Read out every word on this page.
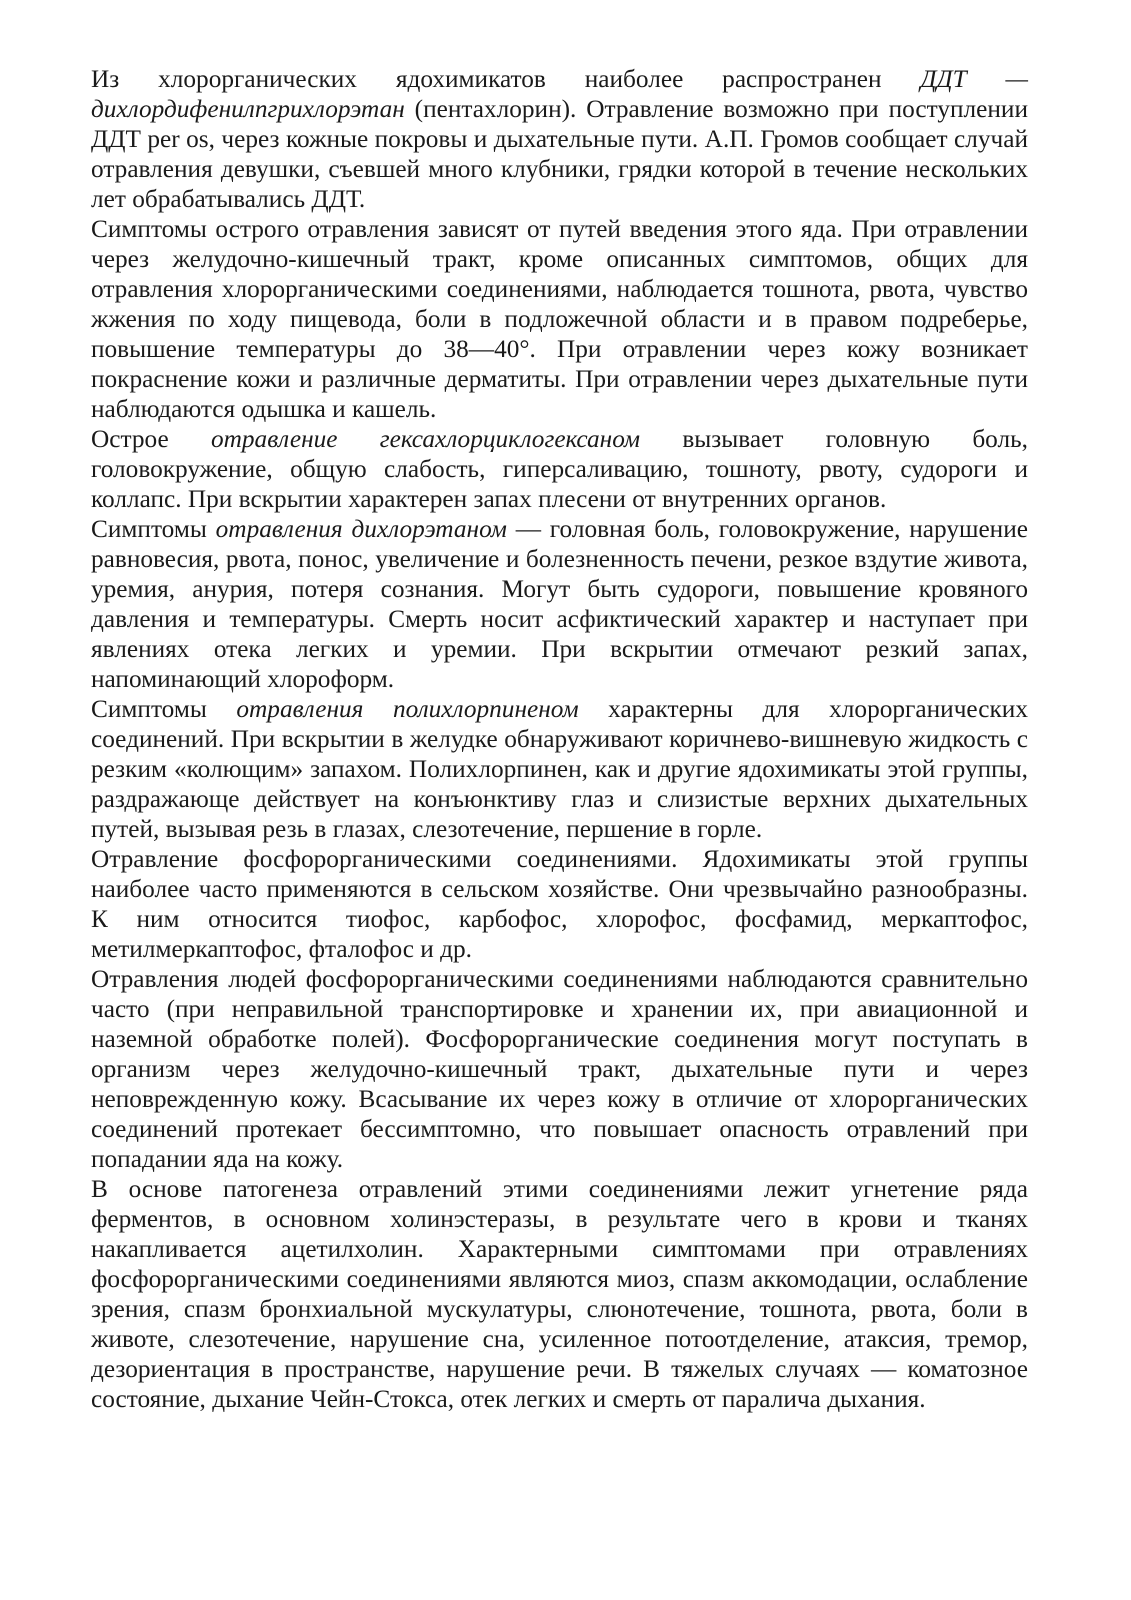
Из хлорорганических ядохимикатов наиболее распространен ДДТ — дихлордифенилпгрихлорэтан (пентахлорин). Отравление возможно при поступлении ДДТ per os, через кожные покровы и дыхательные пути. А.П. Громов сообщает случай отравления девушки, съевшей много клубники, грядки которой в течение нескольких лет обрабатывались ДДТ.

Симптомы острого отравления зависят от путей введения этого яда. При отравлении через желудочно-кишечный тракт, кроме описанных симптомов, общих для отравления хлорорганическими соединениями, наблюдается тошнота, рвота, чувство жжения по ходу пищевода, боли в подложечной области и в правом подреберье, повышение температуры до 38—40°. При отравлении через кожу возникает покраснение кожи и различные дерматиты. При отравлении через дыхательные пути наблюдаются одышка и кашель.

Острое отравление гексахлорциклогексаном вызывает головную боль, головокружение, общую слабость, гиперсаливацию, тошноту, рвоту, судороги и коллапс. При вскрытии характерен запах плесени от внутренних органов.

Симптомы отравления дихлорэтаном — головная боль, головокружение, нарушение равновесия, рвота, понос, увеличение и болезненность печени, резкое вздутие живота, уремия, анурия, потеря сознания. Могут быть судороги, повышение кровяного давления и температуры. Смерть носит асфиктический характер и наступает при явлениях отека легких и уремии. При вскрытии отмечают резкий запах, напоминающий хлороформ.

Симптомы отравления полихлорпиненом характерны для хлорорганических соединений. При вскрытии в желудке обнаруживают коричнево-вишневую жидкость с резким «колющим» запахом. Полихлорпинен, как и другие ядохимикаты этой группы, раздражающе действует на конъюнктиву глаз и слизистые верхних дыхательных путей, вызывая резь в глазах, слезотечение, першение в горле.

Отравление фосфорорганическими соединениями. Ядохимикаты этой группы наиболее часто применяются в сельском хозяйстве. Они чрезвычайно разнообразны. К ним относится тиофос, карбофос, хлорофос, фосфамид, меркаптофос, метилмеркаптофос, фталофос и др.

Отравления людей фосфорорганическими соединениями наблюдаются сравнительно часто (при неправильной транспортировке и хранении их, при авиационной и наземной обработке полей). Фосфорорганические соединения могут поступать в организм через желудочно-кишечный тракт, дыхательные пути и через неповрежденную кожу. Всасывание их через кожу в отличие от хлорорганических соединений протекает бессимптомно, что повышает опасность отравлений при попадании яда на кожу.

В основе патогенеза отравлений этими соединениями лежит угнетение ряда ферментов, в основном холинэстеразы, в результате чего в крови и тканях накапливается ацетилхолин. Характерными симптомами при отравлениях фосфорорганическими соединениями являются миоз, спазм аккомодации, ослабление зрения, спазм бронхиальной мускулатуры, слюнотечение, тошнота, рвота, боли в животе, слезотечение, нарушение сна, усиленное потоотделение, атаксия, тремор, дезориентация в пространстве, нарушение речи. В тяжелых случаях — коматозное состояние, дыхание Чейн-Стокса, отек легких и смерть от паралича дыхания.
